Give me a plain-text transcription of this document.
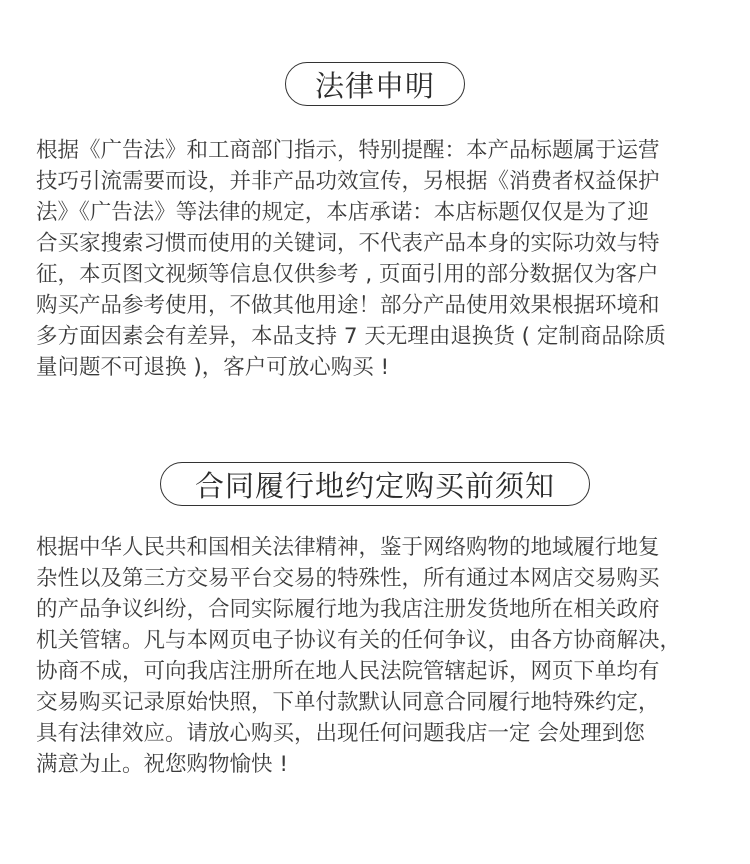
法律申明

根据《广告法》和工商部门指示，特别提醒：本产品标题属于运营
技巧引流需要而设，并非产品功效宣传，另根据《消费者权益保护
法》《广告法》等法律的规定，本店承诺：本店标题仅仅是为了迎
合买家搜索习惯而使用的关键词，不代表产品本身的实际功效与特
征，本页图文视频等信息仅供参考 , 页面引用的部分数据仅为客户
购买产品参考使用，不做其他用途！部分产品使用效果根据环境和
多方面因素会有差异，本品支持 7 天无理由退换货 ( 定制商品除质
量问题不可退换 )，客户可放心购买 !

合同履行地约定购买前须知

根据中华人民共和国相关法律精神，鉴于网络购物的地域履行地复
杂性以及第三方交易平台交易的特殊性，所有通过本网店交易购买
的产品争议纠纷，合同实际履行地为我店注册发货地所在相关政府
机关管辖。凡与本网页电子协议有关的任何争议，由各方协商解决，
协商不成，可向我店注册所在地人民法院管辖起诉，网页下单均有
交易购买记录原始快照，下单付款默认同意合同履行地特殊约定，
具有法律效应。请放心购买，出现任何问题我店一定 会处理到您
满意为止。祝您购物愉快 !
